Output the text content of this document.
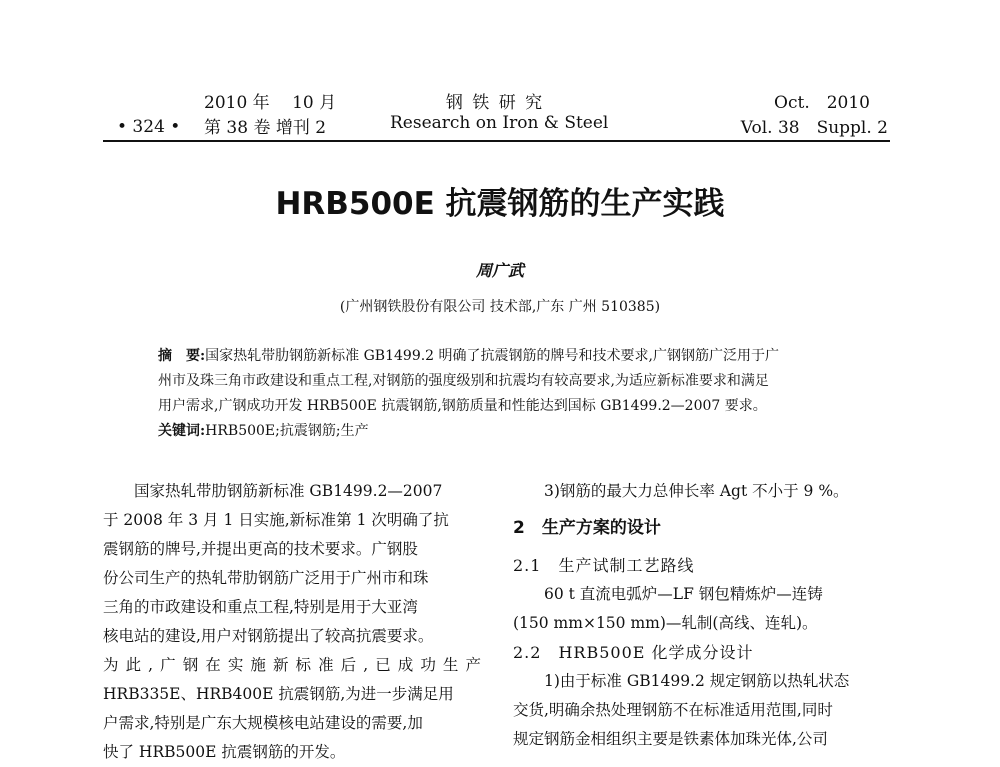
• 324 •
2010 年　 10 月
第 38 卷 增刊 2
钢 铁 研 究
Research on Iron & Steel
Oct.　2010
Vol. 38　Suppl. 2
HRB500E 抗震钢筋的生产实践
周广武
(广州钢铁股份有限公司 技术部,广东 广州 510385)
摘　要:国家热轧带肋钢筋新标准 GB1499.2 明确了抗震钢筋的牌号和技术要求,广钢钢筋广泛用于广
州市及珠三角市政建设和重点工程,对钢筋的强度级别和抗震均有较高要求,为适应新标准要求和满足
用户需求,广钢成功开发 HRB500E 抗震钢筋,钢筋质量和性能达到国标 GB1499.2—2007 要求。
关键词:HRB500E;抗震钢筋;生产
国家热轧带肋钢筋新标准 GB1499.2—2007
于 2008 年 3 月 1 日实施,新标准第 1 次明确了抗
震钢筋的牌号,并提出更高的技术要求。广钢股
份公司生产的热轧带肋钢筋广泛用于广州市和珠
三角的市政建设和重点工程,特别是用于大亚湾
核电站的建设,用户对钢筋提出了较高抗震要求。
为此,广钢在实施新标准后,已成功生产
HRB335E、HRB400E 抗震钢筋,为进一步满足用
户需求,特别是广东大规模核电站建设的需要,加
快了 HRB500E 抗震钢筋的开发。
3)钢筋的最大力总伸长率 Agt 不小于 9 %。
2　生产方案的设计
2.1　生产试制工艺路线
60 t 直流电弧炉—LF 钢包精炼炉—连铸
(150 mm×150 mm)—轧制(高线、连轧)。
2.2　HRB500E 化学成分设计
1)由于标准 GB1499.2 规定钢筋以热轧状态
交货,明确余热处理钢筋不在标准适用范围,同时
规定钢筋金相组织主要是铁素体加珠光体,公司
